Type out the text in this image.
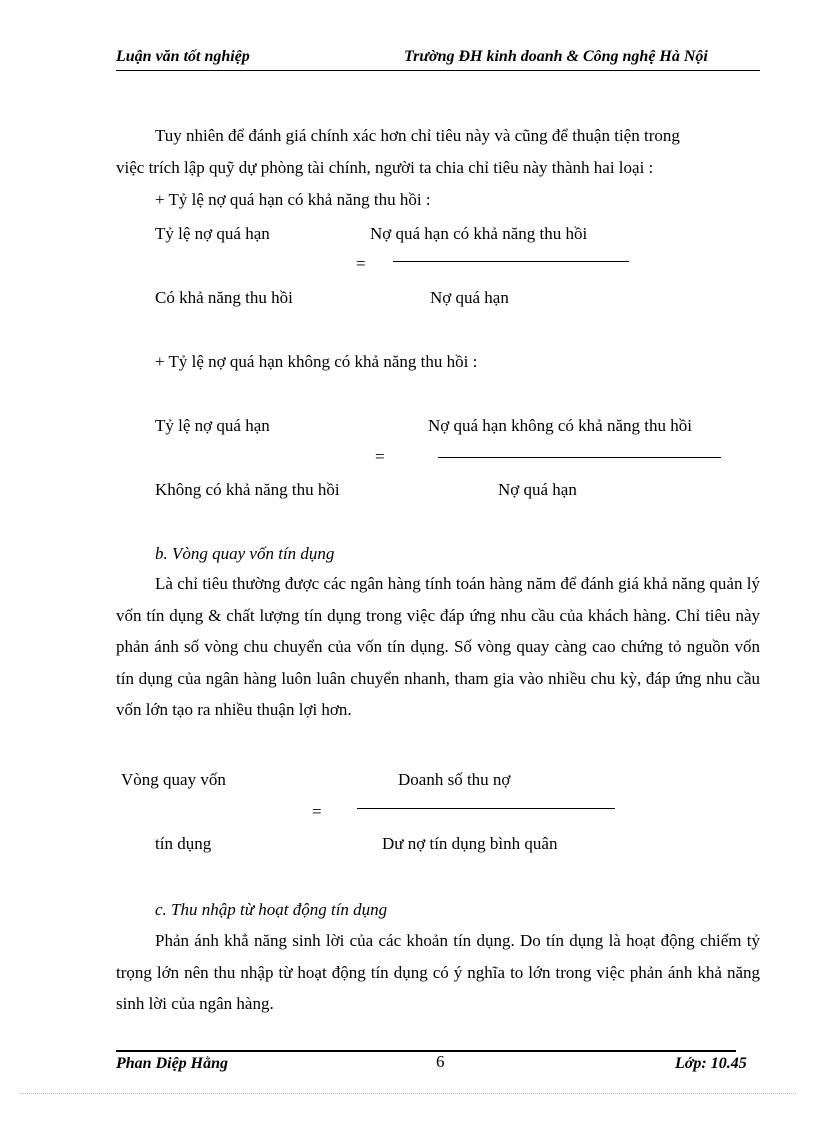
Luận văn tốt nghiệp	Trường ĐH kinh doanh & Công nghệ Hà Nội
Tuy nhiên để đánh giá chính xác hơn chỉ tiêu này và cũng để thuận tiện trong
việc trích lập quỹ dự phòng tài chính, người ta chia chỉ tiêu này thành hai loại :
+ Tỷ lệ nợ quá hạn có khả năng thu hồi :
Tỷ lệ nợ quá hạn	Nợ quá hạn có khả năng thu hồi
=
Có khả năng thu hồi	Nợ quá hạn
+ Tỷ lệ nợ quá hạn không có khả năng thu hồi :
Tỷ lệ nợ quá hạn	Nợ quá hạn không có khả năng thu hồi
=
Không có khả năng thu hồi	Nợ quá hạn
b. Vòng quay vốn tín dụng
Là chỉ tiêu thường được các ngân hàng tính toán hàng năm để đánh giá khả năng quản lý vốn tín dụng & chất lượng tín dụng trong việc đáp ứng nhu cầu của khách hàng. Chỉ tiêu này phản ánh số vòng chu chuyển của vốn tín dụng. Số vòng quay càng cao chứng tỏ nguồn vốn tín dụng của ngân hàng luôn luân chuyển nhanh, tham gia vào nhiều chu kỳ, đáp ứng nhu cầu vốn lớn tạo ra nhiều thuận lợi hơn.
Vòng quay vốn	Doanh số thu nợ
=
tín dụng	Dư nợ tín dụng bình quân
c. Thu nhập từ hoạt động tín dụng
Phản ánh khẳ năng sinh lời của các khoản tín dụng. Do tín dụng là hoạt động chiếm tỷ trọng lớn nên thu nhập từ hoạt động tín dụng có ý nghĩa to lớn trong việc phản ánh khả năng sinh lời của ngân hàng.
Phan Diệp Hằng	6	Lớp: 10.45
